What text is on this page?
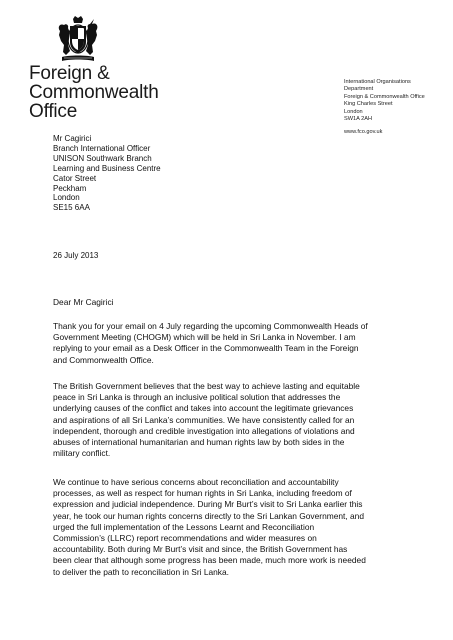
Foreign &
Commonwealth
Office
International Organisations
Department
Foreign & Commonwealth Office
King Charles Street
London
SW1A 2AH
www.fco.gov.uk
Mr Cagirici
Branch International Officer
UNISON Southwark Branch
Learning and Business Centre
Cator Street
Peckham
London
SE15 6AA
26 July 2013
Dear Mr Cagirici
Thank you for your email on 4 July regarding the upcoming Commonwealth Heads of
Government Meeting (CHOGM) which will be held in Sri Lanka in November. I am
replying to your email as a Desk Officer in the Commonwealth Team in the Foreign
and Commonwealth Office.
The British Government believes that the best way to achieve lasting and equitable
peace in Sri Lanka is through an inclusive political solution that addresses the
underlying causes of the conflict and takes into account the legitimate grievances
and aspirations of all Sri Lanka’s communities. We have consistently called for an
independent, thorough and credible investigation into allegations of violations and
abuses of international humanitarian and human rights law by both sides in the
military conflict.
We continue to have serious concerns about reconciliation and accountability
processes, as well as respect for human rights in Sri Lanka, including freedom of
expression and judicial independence. During Mr Burt’s visit to Sri Lanka earlier this
year, he took our human rights concerns directly to the Sri Lankan Government, and
urged the full implementation of the Lessons Learnt and Reconciliation
Commission’s (LLRC) report recommendations and wider measures on
accountability. Both during Mr Burt’s visit and since, the British Government has
been clear that although some progress has been made, much more work is needed
to deliver the path to reconciliation in Sri Lanka.
